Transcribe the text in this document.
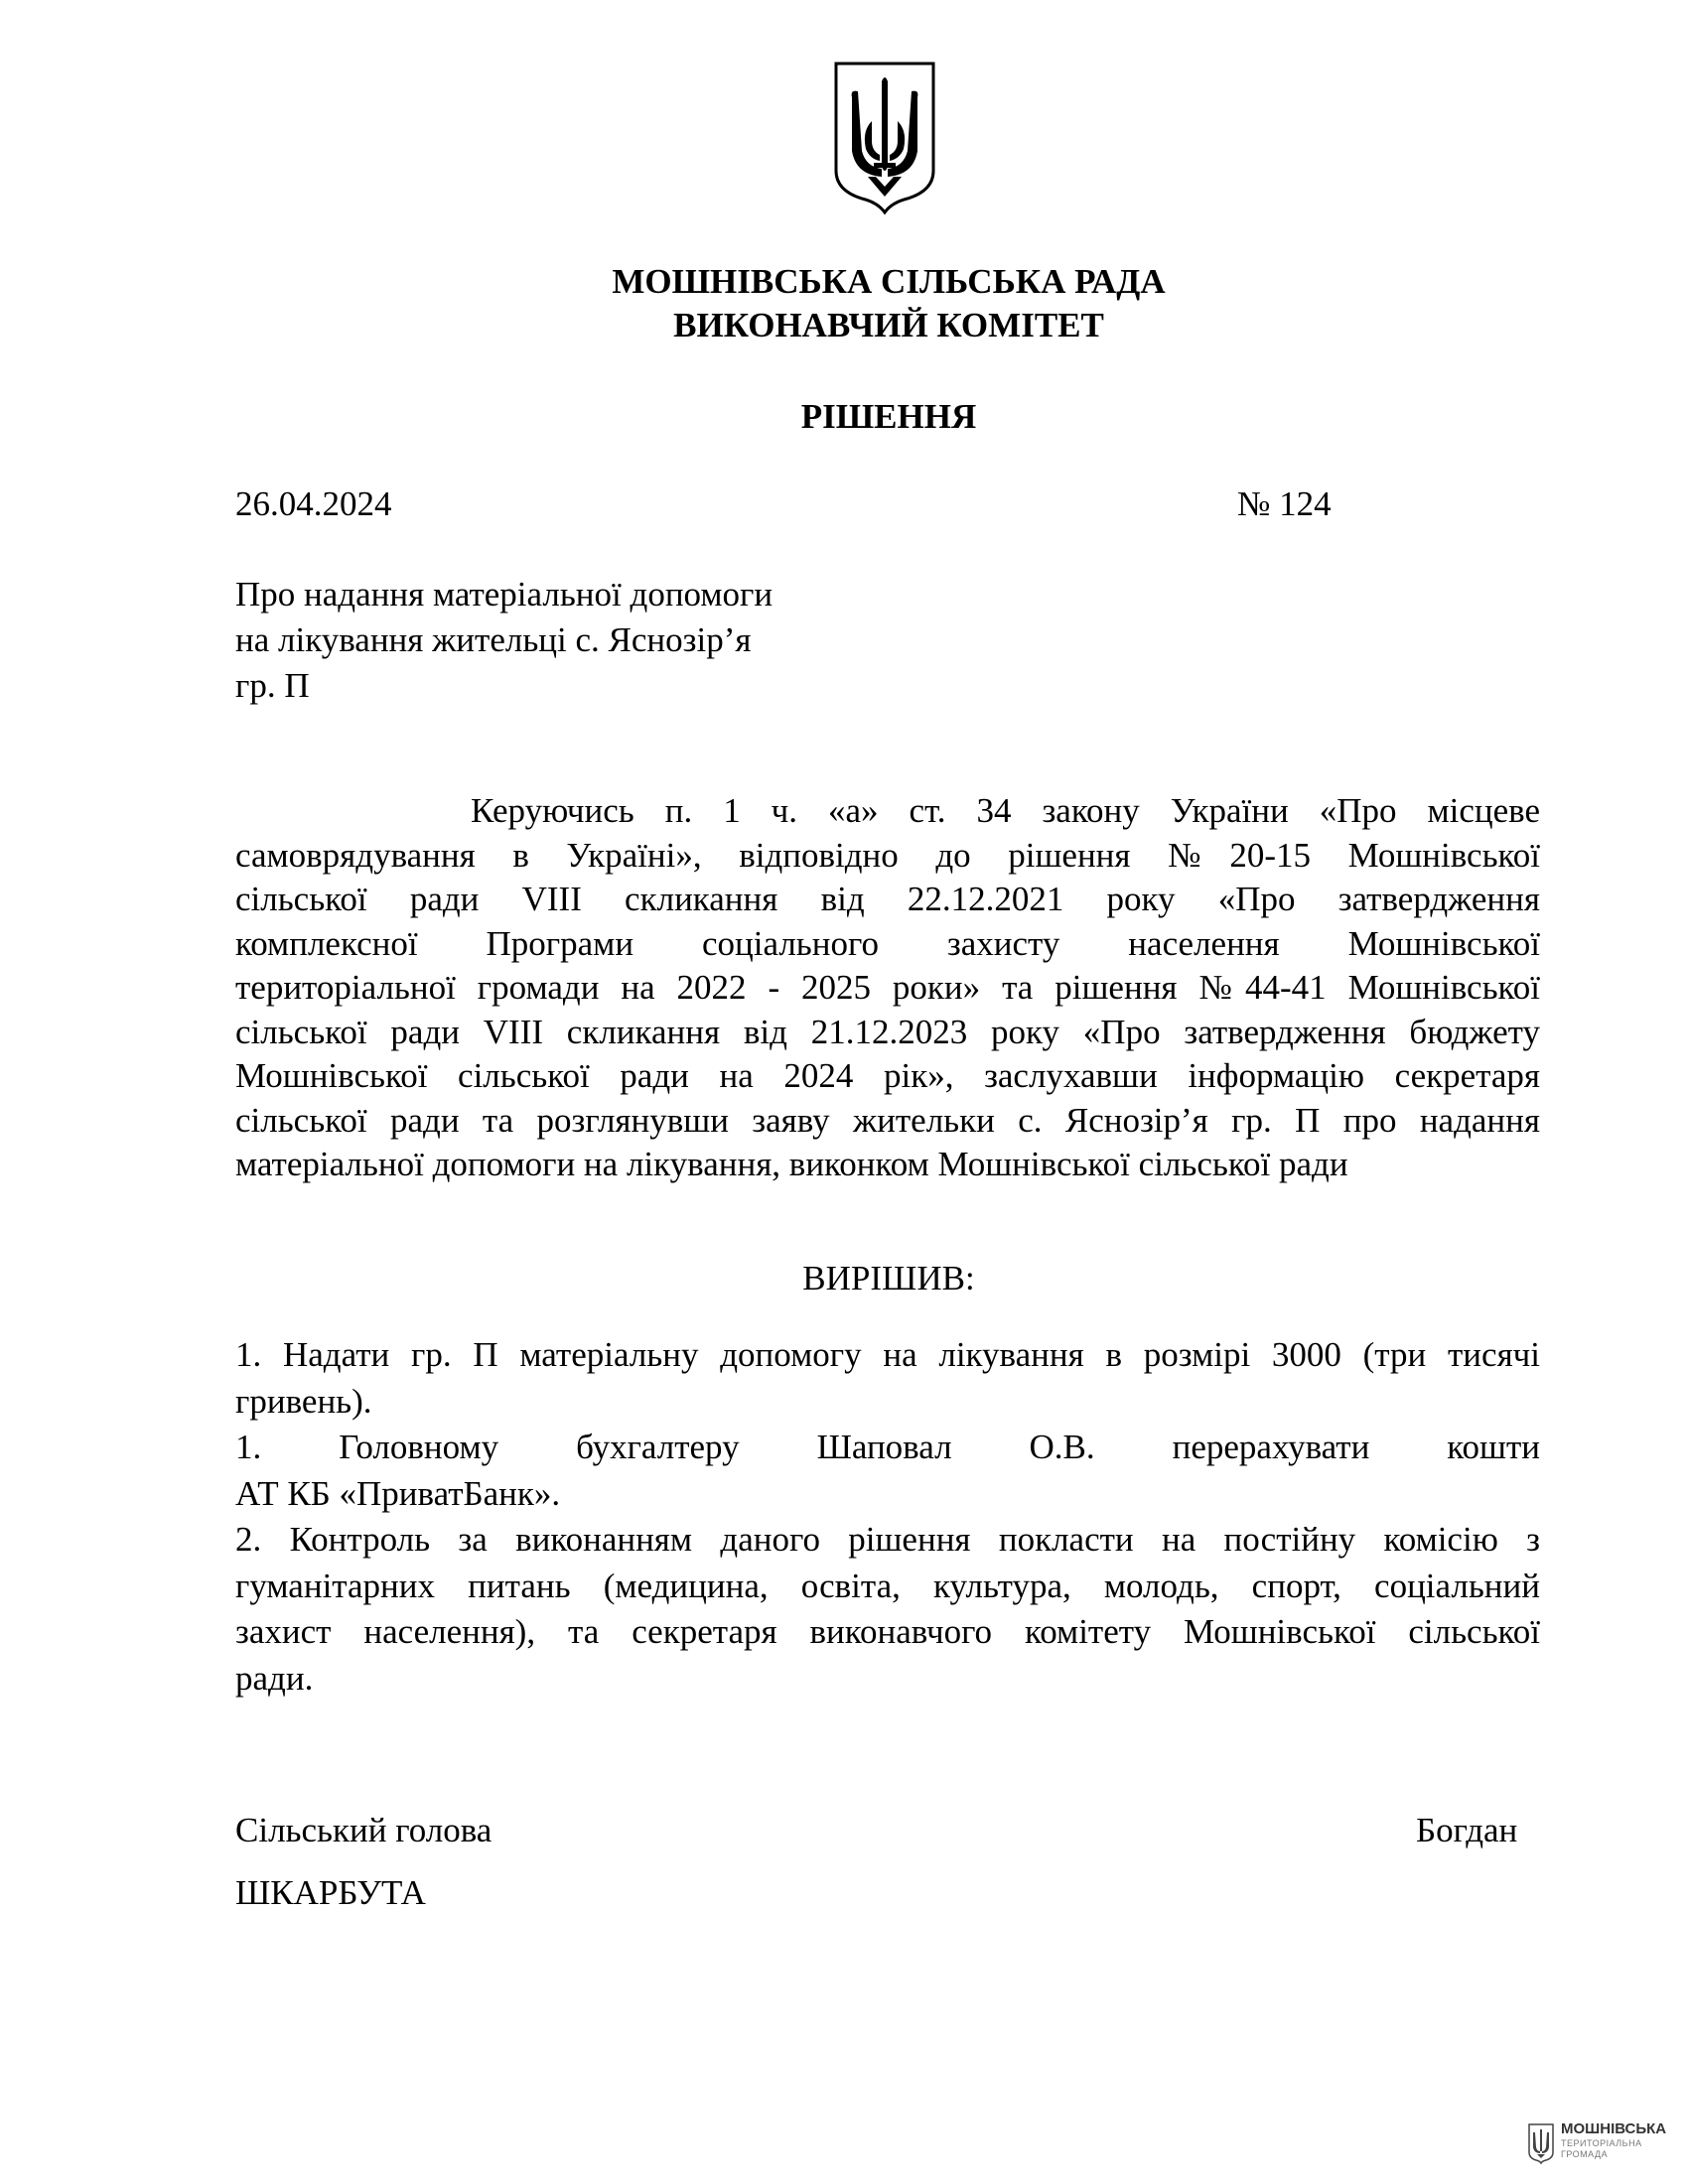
МОШНІВСЬКА СІЛЬСЬКА РАДА
ВИКОНАВЧИЙ КОМІТЕТ
РІШЕННЯ
26.04.2024	№ 124
Про надання матеріальної допомоги
на лікування жительці с. Яснозір’я
гр. П
Керуючись п. 1 ч. «а» ст. 34 закону України «Про місцеве
самоврядування в Україні», відповідно до рішення №20-15 Мошнівської
сільської ради VIII скликання від 22.12.2021 року «Про затвердження
комплексної Програми соціального захисту населення Мошнівської
територіальної громади на 2022 - 2025 роки» та рішення №44-41 Мошнівської
сільської ради VIII скликання від 21.12.2023 року «Про затвердження бюджету
Мошнівської сільської ради на 2024 рік», заслухавши інформацію секретаря
сільської ради та розглянувши заяву жительки с. Яснозір’я гр. П про надання
матеріальної допомоги на лікування, виконком Мошнівської сільської ради
ВИРІШИВ:
1. Надати гр. П матеріальну допомогу на лікування в розмірі 3000 (три тисячі
гривень).
1. Головному бухгалтеру Шаповал О.В. перерахувати кошти
АТ КБ «ПриватБанк».
2. Контроль за виконанням даного рішення покласти на постійну комісію з
гуманітарних питань (медицина, освіта, культура, молодь, спорт, соціальний
захист населення), та секретаря виконавчого комітету Мошнівської сільської
ради.
Сільський голова
ШКАРБУТА
Богдан
МОШНІВСЬКА
ТЕРИТОРІАЛЬНА
ГРОМАДА
